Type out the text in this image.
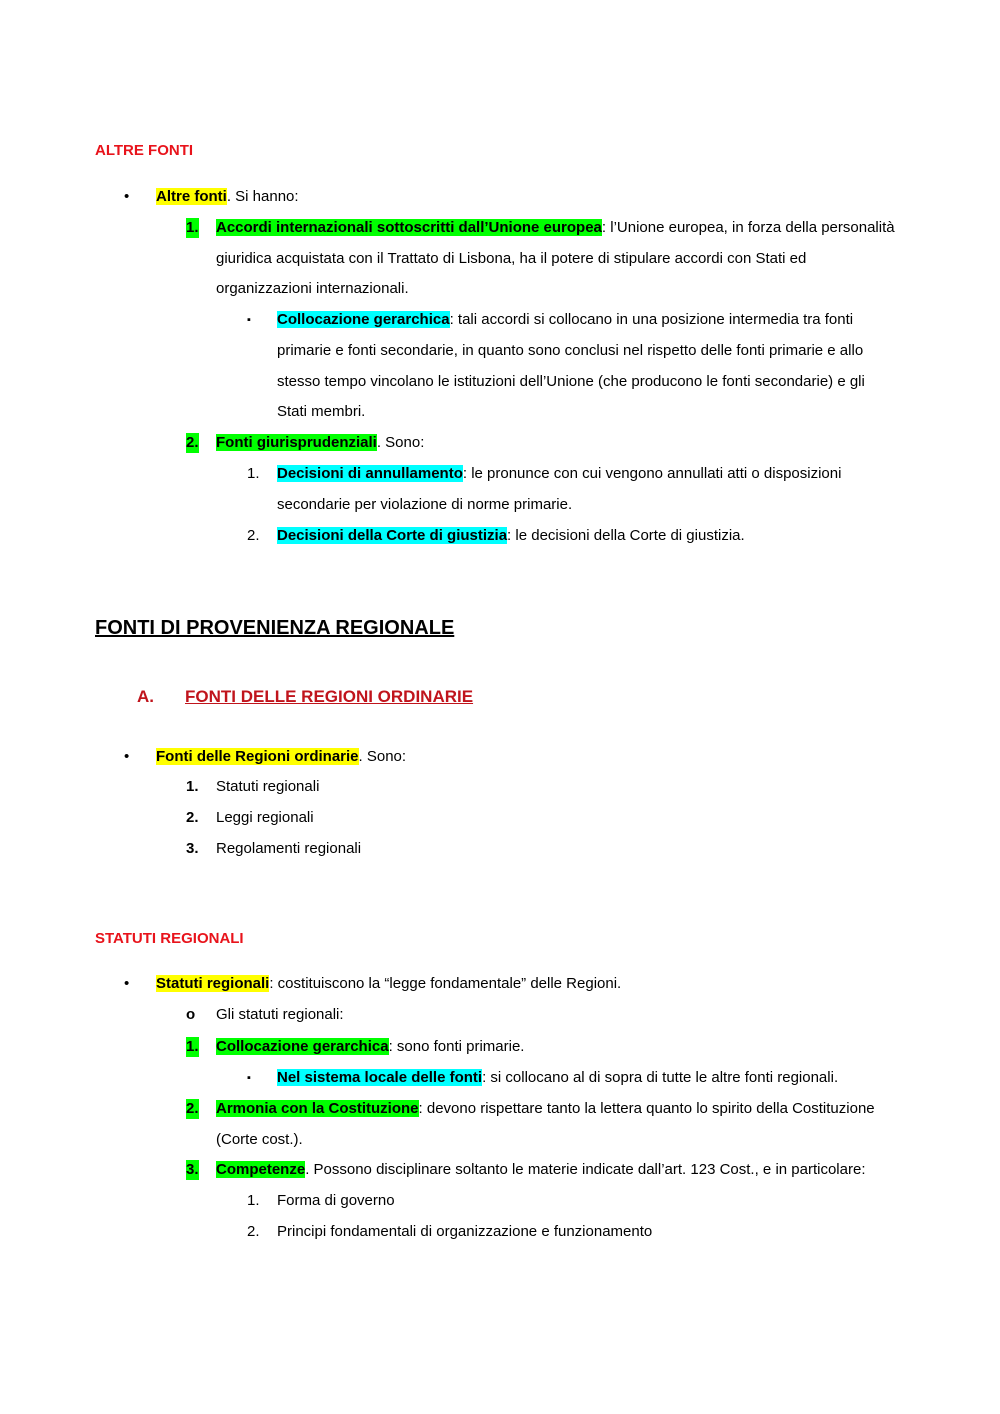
ALTRE FONTI
• Altre fonti. Si hanno:
1. Accordi internazionali sottoscritti dall’Unione europea: l’Unione europea, in forza della personalità
giuridica acquistata con il Trattato di Lisbona, ha il potere di stipulare accordi con Stati ed
organizzazioni internazionali.
▪ Collocazione gerarchica: tali accordi si collocano in una posizione intermedia tra fonti
primarie e fonti secondarie, in quanto sono conclusi nel rispetto delle fonti primarie e allo
stesso tempo vincolano le istituzioni dell’Unione (che producono le fonti secondarie) e gli
Stati membri.
2. Fonti giurisprudenziali. Sono:
1. Decisioni di annullamento: le pronunce con cui vengono annullati atti o disposizioni
secondarie per violazione di norme primarie.
2. Decisioni della Corte di giustizia: le decisioni della Corte di giustizia.
FONTI DI PROVENIENZA REGIONALE
A. FONTI DELLE REGIONI ORDINARIE
• Fonti delle Regioni ordinarie. Sono:
1. Statuti regionali
2. Leggi regionali
3. Regolamenti regionali
STATUTI REGIONALI
• Statuti regionali: costituiscono la “legge fondamentale” delle Regioni.
o Gli statuti regionali:
1. Collocazione gerarchica: sono fonti primarie.
▪ Nel sistema locale delle fonti: si collocano al di sopra di tutte le altre fonti regionali.
2. Armonia con la Costituzione: devono rispettare tanto la lettera quanto lo spirito della Costituzione
(Corte cost.).
3. Competenze. Possono disciplinare soltanto le materie indicate dall’art. 123 Cost., e in particolare:
1. Forma di governo
2. Principi fondamentali di organizzazione e funzionamento
